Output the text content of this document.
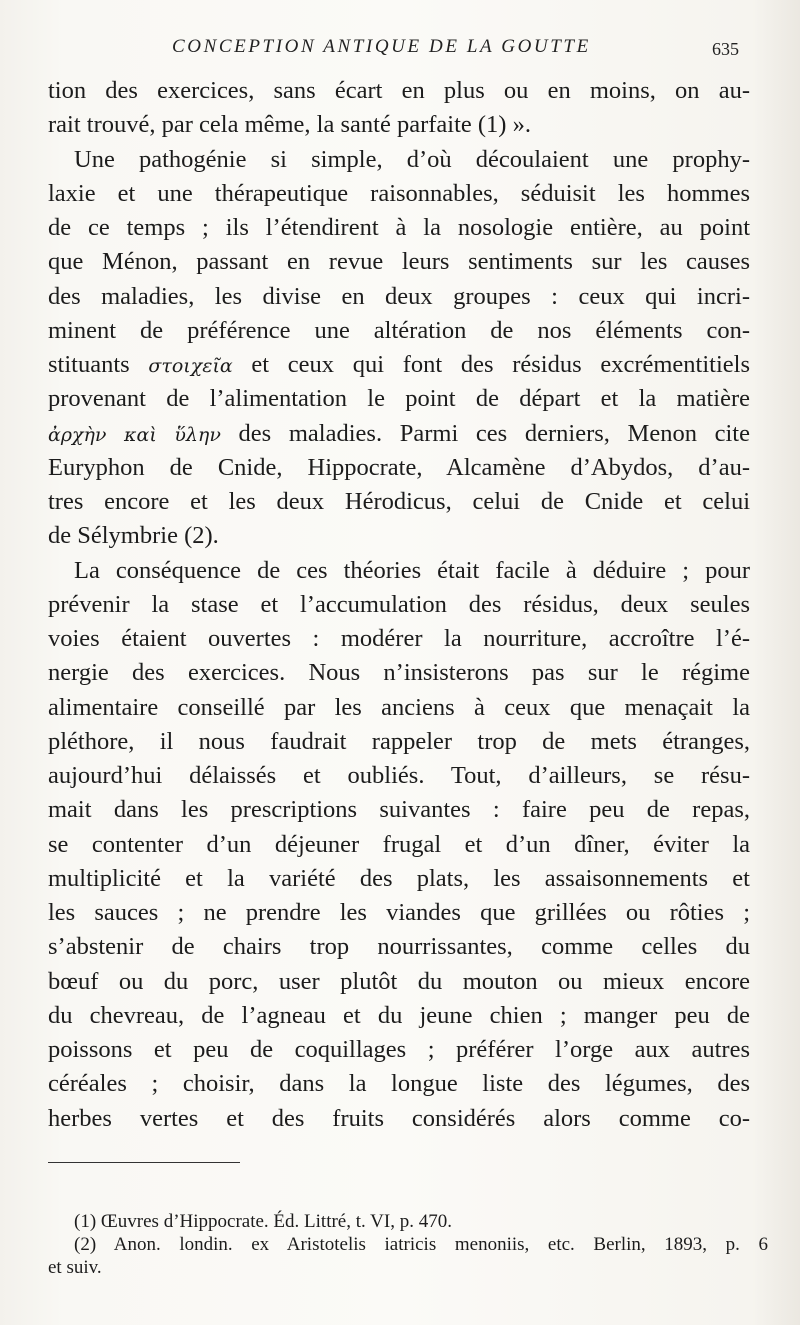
CONCEPTION ANTIQUE DE LA GOUTTE	635
tion des exercices, sans écart en plus ou en moins, on au-
rait trouvé, par cela même, la santé parfaite (1) ».
Une pathogénie si simple, d’où découlaient une prophy-
laxie et une thérapeutique raisonnables, séduisit les hommes
de ce temps ; ils l’étendirent à la nosologie entière, au point
que Ménon, passant en revue leurs sentiments sur les causes
des maladies, les divise en deux groupes : ceux qui incri-
minent de préférence une altération de nos éléments con-
stituants στοιχεῖα et ceux qui font des résidus excrémentitiels
provenant de l’alimentation le point de départ et la matière
ἀρχὴν καὶ ὕλην des maladies. Parmi ces derniers, Menon cite
Euryphon de Cnide, Hippocrate, Alcamène d’Abydos, d’au-
tres encore et les deux Hérodicus, celui de Cnide et celui
de Sélymbrie (2).
La conséquence de ces théories était facile à déduire ; pour
prévenir la stase et l’accumulation des résidus, deux seules
voies étaient ouvertes : modérer la nourriture, accroître l’é-
nergie des exercices. Nous n’insisterons pas sur le régime
alimentaire conseillé par les anciens à ceux que menaçait la
pléthore, il nous faudrait rappeler trop de mets étranges,
aujourd’hui délaissés et oubliés. Tout, d’ailleurs, se résu-
mait dans les prescriptions suivantes : faire peu de repas,
se contenter d’un déjeuner frugal et d’un dîner, éviter la
multiplicité et la variété des plats, les assaisonnements et
les sauces ; ne prendre les viandes que grillées ou rôties ;
s’abstenir de chairs trop nourrissantes, comme celles du
bœuf ou du porc, user plutôt du mouton ou mieux encore
du chevreau, de l’agneau et du jeune chien ; manger peu de
poissons et peu de coquillages ; préférer l’orge aux autres
céréales ; choisir, dans la longue liste des légumes, des
herbes vertes et des fruits considérés alors comme co-
(1) Œuvres d’Hippocrate. Éd. Littré, t. VI, p. 470.
(2) Anon. londin. ex Aristotelis iatricis menoniis, etc. Berlin, 1893, p. 6
et suiv.
